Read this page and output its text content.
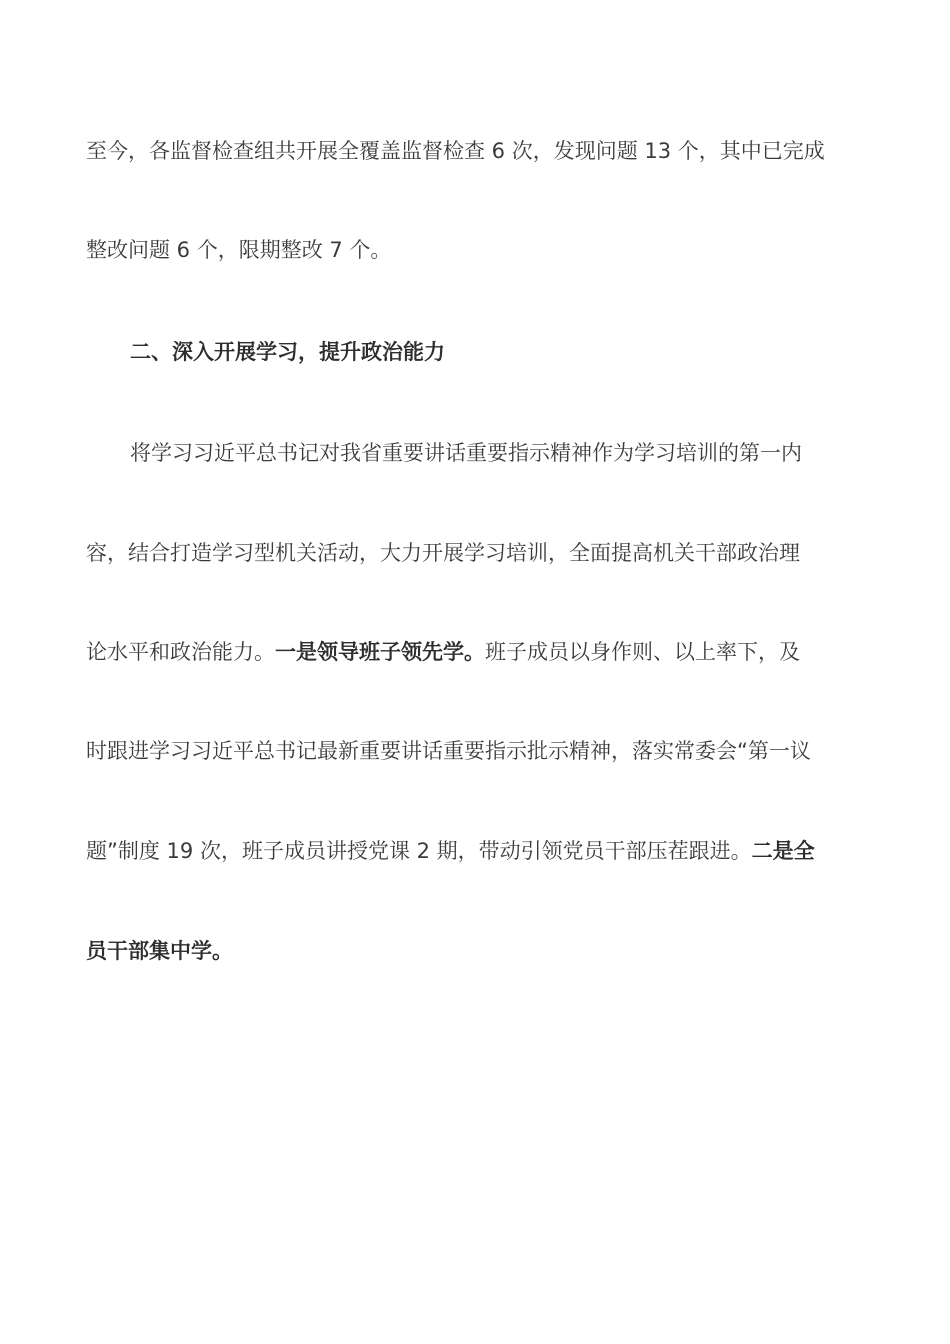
至今，各监督检查组共开展全覆盖监督检查 6 次，发现问题 13 个，其中已完成
整改问题 6 个，限期整改 7 个。
二、深入开展学习，提升政治能力
将学习习近平总书记对我省重要讲话重要指示精神作为学习培训的第一内
容，结合打造学习型机关活动，大力开展学习培训，全面提高机关干部政治理
论水平和政治能力。一是领导班子领先学。班子成员以身作则、以上率下，及
时跟进学习习近平总书记最新重要讲话重要指示批示精神，落实常委会“第一议
题”制度 19 次，班子成员讲授党课 2 期，带动引领党员干部压茬跟进。二是全
员干部集中学。
